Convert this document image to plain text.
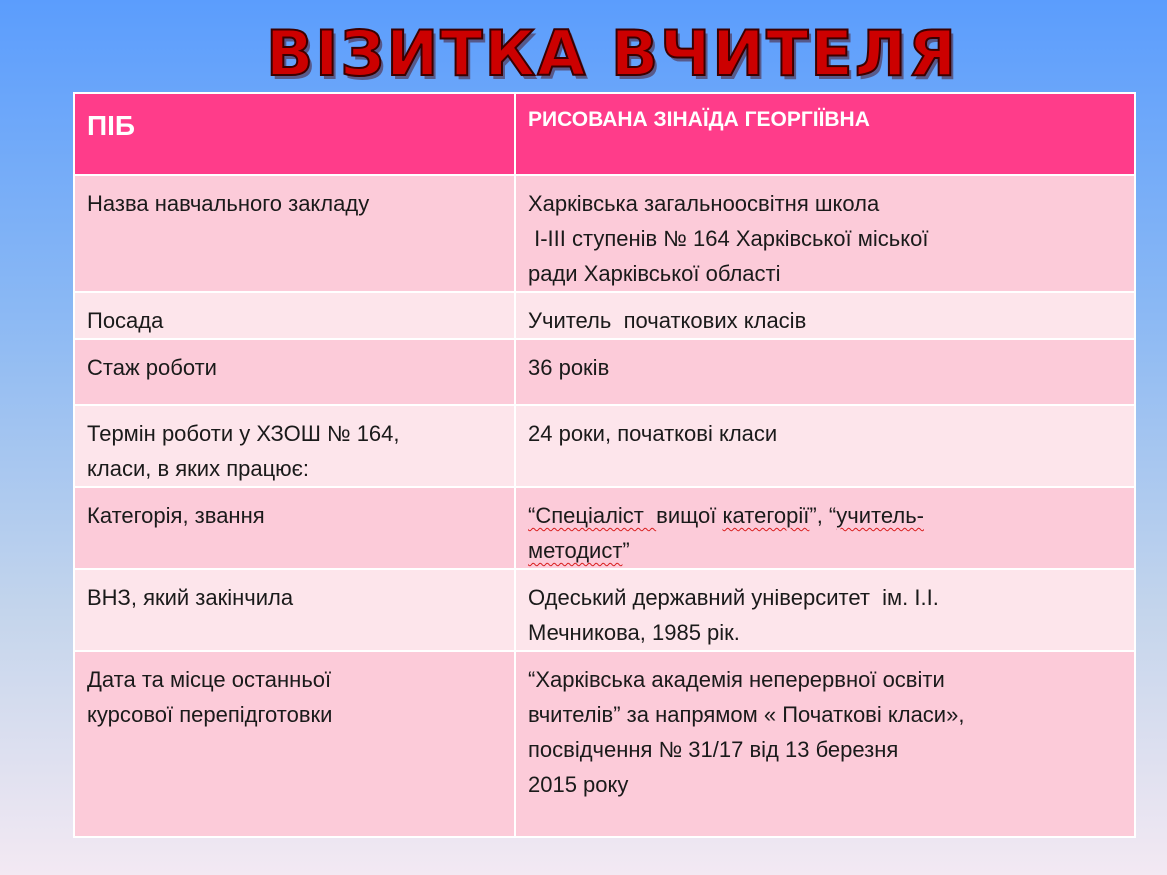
ВІЗИТКА ВЧИТЕЛЯ
ПІБ	РИСОВАНА ЗІНАЇДА ГЕОРГІЇВНА
Назва навчального закладу	Харківська загальноосвітня школа
І-ІІІ ступенів № 164 Харківської міської
ради Харківської області
Посада	Учитель  початкових класів
Стаж роботи	36 років
Термін роботи у ХЗОШ № 164,
класи, в яких працює:	24 роки, початкові класи
Категорія, звання	“Спеціаліст  вищої категорії”, “учитель-
методист”
ВНЗ, який закінчила	Одеський державний університет  ім. І.І.
Мечникова, 1985 рік.
Дата та місце останньої
курсової перепідготовки	“Харківська академія неперервної освіти
вчителів” за напрямом « Початкові класи»,
посвідчення № 31/17 від 13 березня
2015 року
